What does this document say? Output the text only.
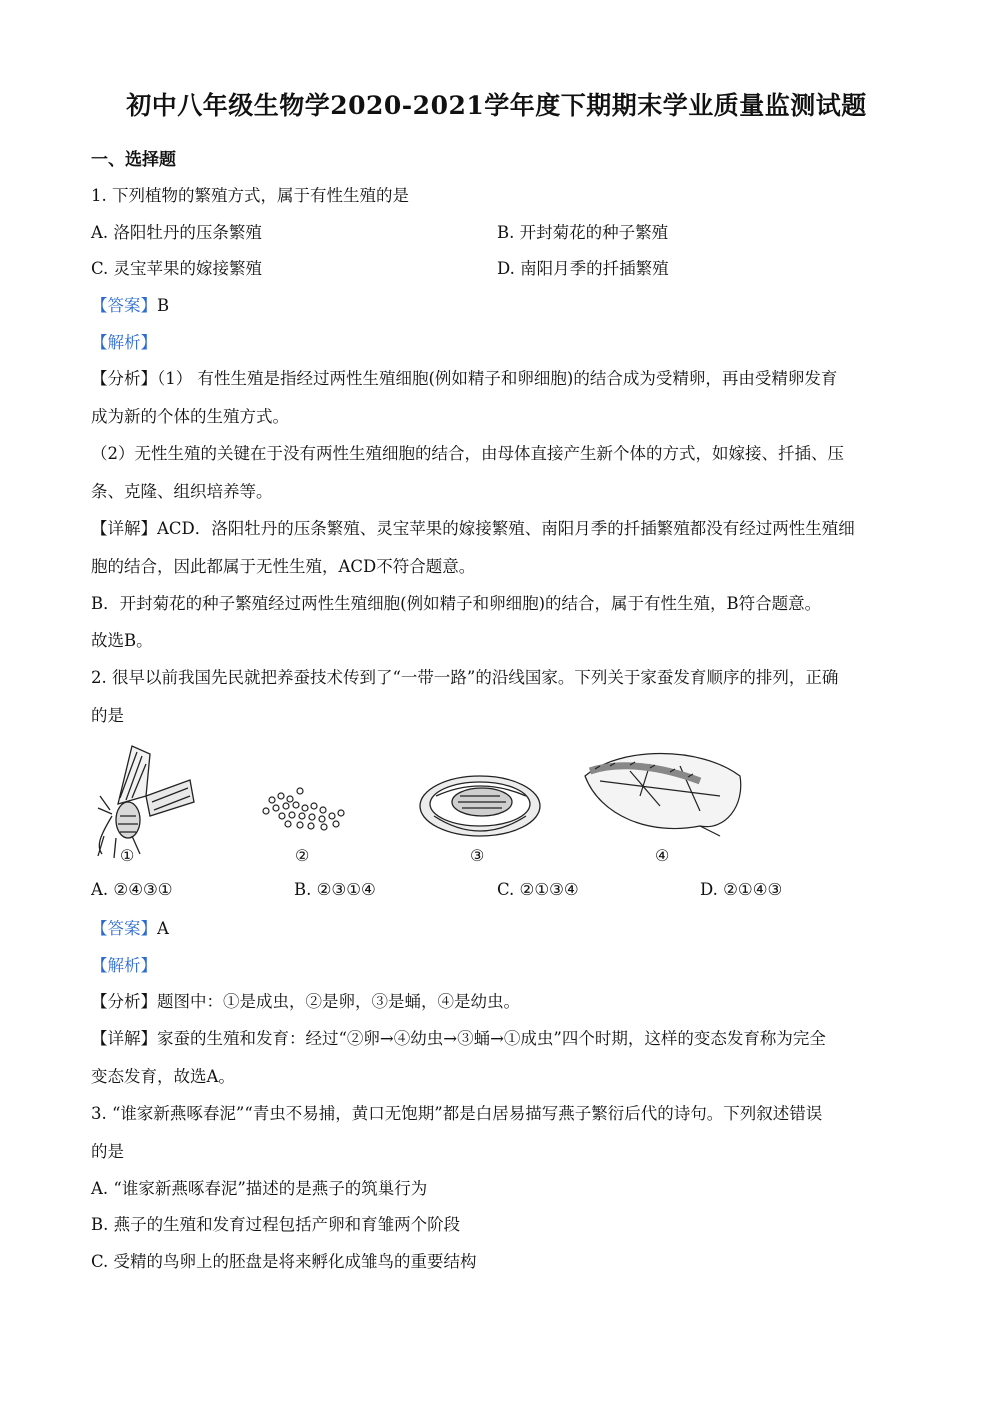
初中八年级生物学2020-2021学年度下期期末学业质量监测试题
一、选择题
1. 下列植物的繁殖方式，属于有性生殖的是
A. 洛阳牡丹的压条繁殖	B. 开封菊花的种子繁殖
C. 灵宝苹果的嫁接繁殖	D. 南阳月季的扦插繁殖
【答案】B
【解析】
【分析】（1） 有性生殖是指经过两性生殖细胞(例如精子和卵细胞)的结合成为受精卵，再由受精卵发育
成为新的个体的生殖方式。
（2）无性生殖的关键在于没有两性生殖细胞的结合，由母体直接产生新个体的方式，如嫁接、扦插、压
条、克隆、组织培养等。
【详解】ACD．洛阳牡丹的压条繁殖、灵宝苹果的嫁接繁殖、南阳月季的扦插繁殖都没有经过两性生殖细
胞的结合，因此都属于无性生殖，ACD不符合题意。
B．开封菊花的种子繁殖经过两性生殖细胞(例如精子和卵细胞)的结合，属于有性生殖，B符合题意。
故选B。
2. 很早以前我国先民就把养蚕技术传到了“一带一路”的沿线国家。下列关于家蚕发育顺序的排列，正确
的是
①	②	③	④
A. ②④③①	B. ②③①④	C. ②①③④	D. ②①④③
【答案】A
【解析】
【分析】题图中：①是成虫，②是卵，③是蛹，④是幼虫。
【详解】家蚕的生殖和发育：经过“②卵→④幼虫→③蛹→①成虫”四个时期，这样的变态发育称为完全
变态发育，故选A。
3. “谁家新燕啄春泥”“青虫不易捕，黄口无饱期”都是白居易描写燕子繁衍后代的诗句。下列叙述错误
的是
A. “谁家新燕啄春泥”描述的是燕子的筑巢行为
B. 燕子的生殖和发育过程包括产卵和育雏两个阶段
C. 受精的鸟卵上的胚盘是将来孵化成雏鸟的重要结构
